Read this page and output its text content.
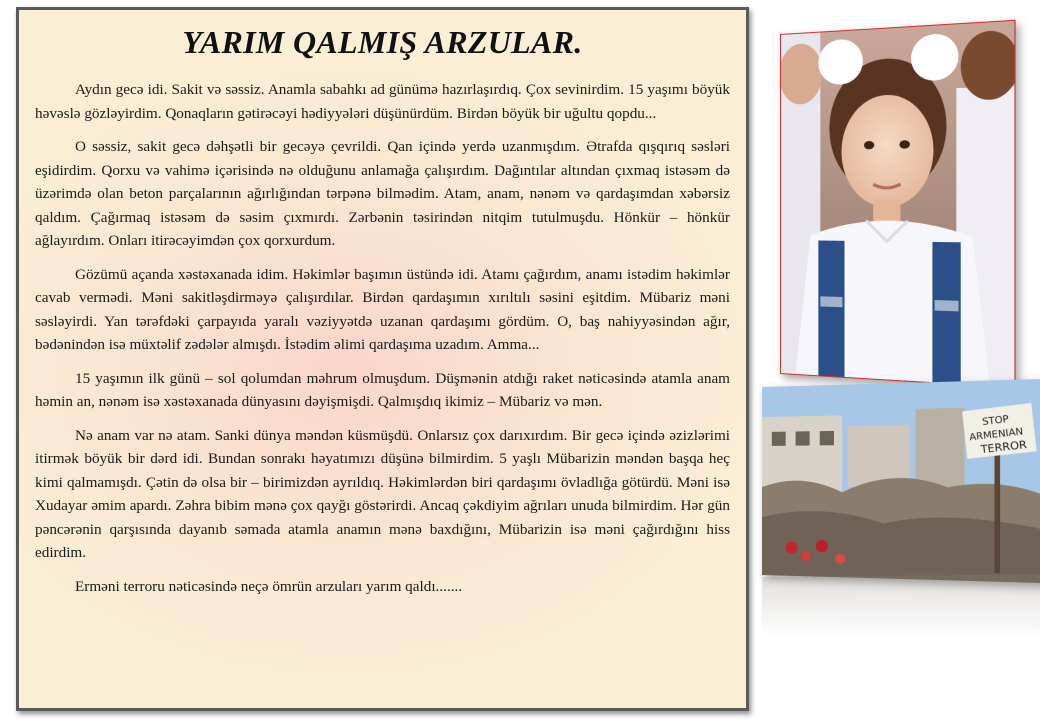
YARIM QALMIŞ ARZULAR.

Aydın gecə idi. Sakit və səssiz. Anamla sabahkı ad günümə hazırlaşırdıq. Çox sevinirdim. 15 yaşımı böyük həvəslə gözləyirdim. Qonaqların gətirəcəyi hədiyyələri düşünürdüm. Birdən böyük bir uğultu qopdu...

O səssiz, sakit gecə dəhşətli bir gecəyə çevrildi. Qan içində yerdə uzanmışdım. Ətrafda qışqırıq səsləri eşidirdim. Qorxu və vahimə içərisində nə olduğunu anlamağa çalışırdım. Dağıntılar altından çıxmaq istəsəm də üzərimdə olan beton parçalarının ağırlığından tərpənə bilmədim. Atam, anam, nənəm və qardaşımdan xəbərsiz qaldım. Çağırmaq istəsəm də səsim çıxmırdı. Zərbənin təsirindən nitqim tutulmuşdu. Hönkür – hönkür ağlayırdım. Onları itirəcəyimdən çox qorxurdum.

Gözümü açanda xəstəxanada idim. Həkimlər başımın üstündə idi. Atamı çağırdım, anamı istədim həkimlər cavab vermədi. Məni sakitləşdirməyə çalışırdılar. Birdən qardaşımın xırıltılı səsini eşitdim. Mübariz məni səsləyirdi. Yan tərəfdəki çarpayıda yaralı vəziyyətdə uzanan qardaşımı gördüm. O, baş nahiyyəsindən ağır, bədənindən isə müxtəlif zədələr almışdı. İstədim əlimi qardaşıma uzadım. Amma...

15 yaşımın ilk günü – sol qolumdan məhrum olmuşdum. Düşmənin atdığı raket nəticəsində atamla anam həmin an, nənəm isə xəstəxanada dünyasını dəyişmişdi. Qalmışdıq ikimiz – Mübariz və mən.

Nə anam var nə atam. Sanki dünya məndən küsmüşdü. Onlarsız çox darıxırdım. Bir gecə içində əzizlərimi itirmək böyük bir dərd idi. Bundan sonrakı həyatımızı düşünə bilmirdim. 5 yaşlı Mübarizin məndən başqa heç kimi qalmamışdı. Çətin də olsa bir – birimizdən ayrıldıq. Həkimlərdən biri qardaşımı övladlığa götürdü. Məni isə Xudayar əmim apardı. Zəhra bibim mənə çox qayğı göstərirdi. Ancaq çəkdiyim ağrıları unuda bilmirdim. Hər gün pəncərənin qarşısında dayanıb səmada atamla anamın mənə baxdığını, Mübarizin isə məni çağırdığını hiss edirdim.

Erməni terroru nəticəsində neçə ömrün arzuları yarım qaldı.......

STOP
ARMENIAN
TERROR
